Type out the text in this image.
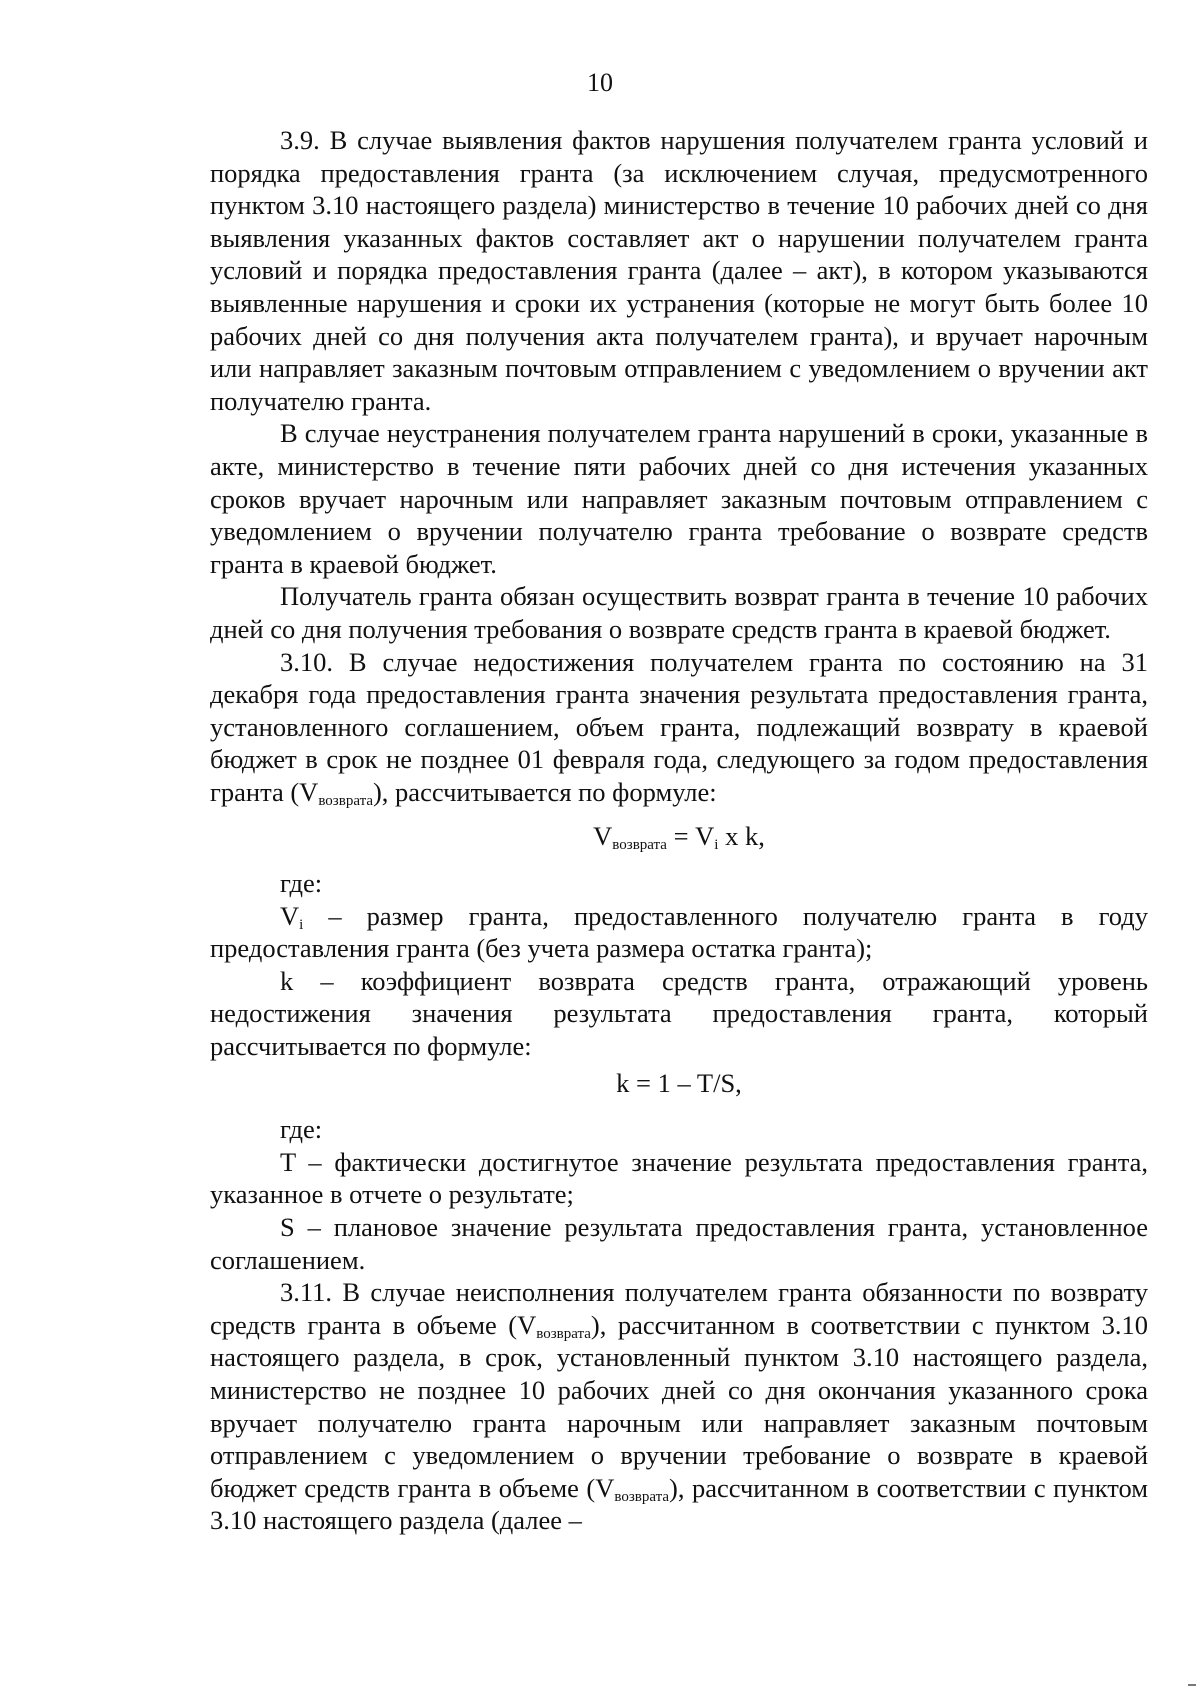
10

3.9. В случае выявления фактов нарушения получателем гранта условий и порядка предоставления гранта (за исключением случая, предусмотренного пунктом 3.10 настоящего раздела) министерство в течение 10 рабочих дней со дня выявления указанных фактов составляет акт о нарушении получателем гранта условий и порядка предоставления гранта (далее – акт), в котором указываются выявленные нарушения и сроки их устранения (которые не могут быть более 10 рабочих дней со дня получения акта получателем гранта), и вручает нарочным или направляет заказным почтовым отправлением с уведомлением о вручении акт получателю гранта.

В случае неустранения получателем гранта нарушений в сроки, указанные в акте, министерство в течение пяти рабочих дней со дня истечения указанных сроков вручает нарочным или направляет заказным почтовым отправлением с уведомлением о вручении получателю гранта требование о возврате средств гранта в краевой бюджет.

Получатель гранта обязан осуществить возврат гранта в течение 10 рабочих дней со дня получения требования о возврате средств гранта в краевой бюджет.

3.10. В случае недостижения получателем гранта по состоянию на 31 декабря года предоставления гранта значения результата предоставления гранта, установленного соглашением, объем гранта, подлежащий возврату в краевой бюджет в срок не позднее 01 февраля года, следующего за годом предоставления гранта $(V_{возврата})$, рассчитывается по формуле:

$V_{возврата} = V_i$ x k,

где:

$V_i$ – размер гранта, предоставленного получателю гранта в году предоставления гранта (без учета размера остатка гранта);

k – коэффициент возврата средств гранта, отражающий уровень недостижения значения результата предоставления гранта, который рассчитывается по формуле:

k = 1 – T/S,

где:

T – фактически достигнутое значение результата предоставления гранта, указанное в отчете о результате;

S – плановое значение результата предоставления гранта, установленное соглашением.

3.11. В случае неисполнения получателем гранта обязанности по возврату средств гранта в объеме $(V_{возврата})$, рассчитанном в соответствии с пунктом 3.10 настоящего раздела, в срок, установленный пунктом 3.10 настоящего раздела, министерство не позднее 10 рабочих дней со дня окончания указанного срока вручает получателю гранта нарочным или направляет заказным почтовым отправлением с уведомлением о вручении требование о возврате в краевой бюджет средств гранта в объеме $(V_{возврата})$, рассчитанном в соответствии с пунктом 3.10 настоящего раздела (далее –
